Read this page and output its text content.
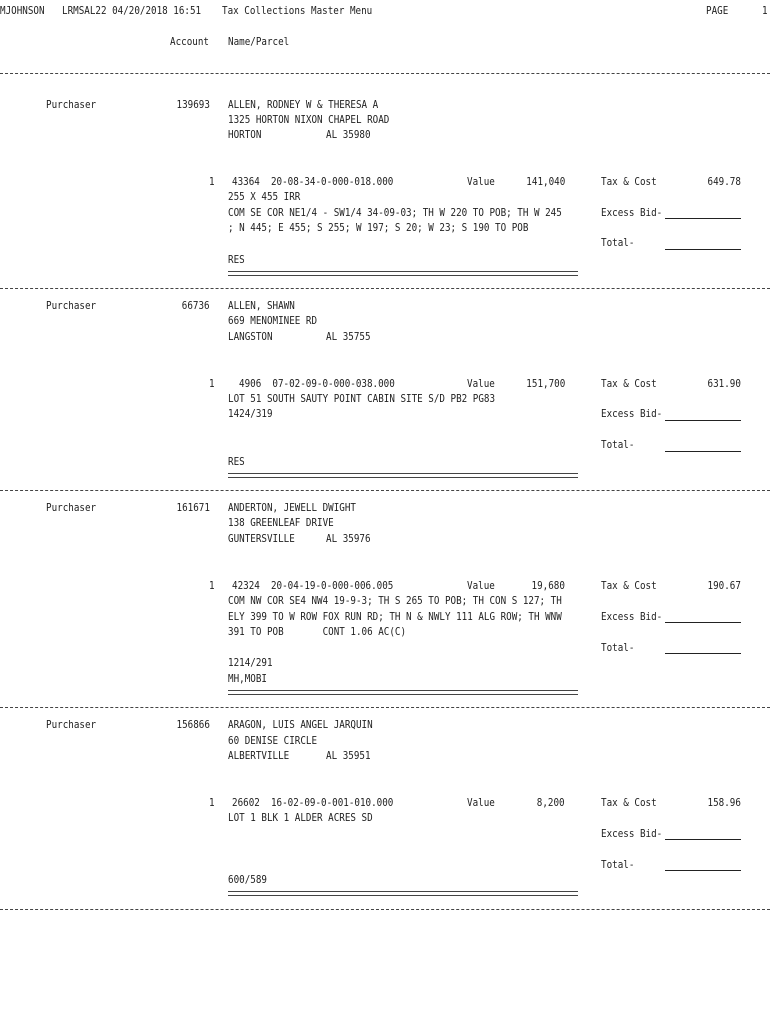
MJOHNSON LRMSAL22 04/20/2018 16:51 Tax Collections Master Menu	PAGE	1
Account Name/Parcel
Purchaser	139693 ALLEN, RODNEY W & THERESA A
1325 HORTON NIXON CHAPEL ROAD
HORTON	AL 35980
1 43364  20-08-34-0-000-018.000	Value	141,040	Tax & Cost	649.78
255 X 455 IRR
COM SE COR NE1/4 - SW1/4 34-09-03; TH W 220 TO POB; TH W 245
; N 445; E 455; S 255; W 197; S 20; W 23; S 190 TO POB
Excess Bid-
Total-
RES
Purchaser	66736 ALLEN, SHAWN
669 MENOMINEE RD
LANGSTON	AL 35755
1 4906  07-02-09-0-000-038.000	Value	151,700	Tax & Cost	631.90
LOT 51 SOUTH SAUTY POINT CABIN SITE S/D PB2 PG83
1424/319	Excess Bid-
Total-
RES
Purchaser	161671 ANDERTON, JEWELL DWIGHT
138 GREENLEAF DRIVE
GUNTERSVILLE	AL 35976
1 42324  20-04-19-0-000-006.005	Value	19,680	Tax & Cost	190.67
COM NW COR SE4 NW4 19-9-3; TH S 265 TO POB; TH CON S 127; TH
ELY 399 TO W ROW FOX RUN RD; TH N & NWLY 111 ALG ROW; TH WNW
391 TO POB       CONT 1.06 AC(C)
Excess Bid-
Total-
1214/291
MH,MOBI
Purchaser	156866 ARAGON, LUIS ANGEL JARQUIN
60 DENISE CIRCLE
ALBERTVILLE	AL 35951
1 26602  16-02-09-0-001-010.000	Value	8,200	Tax & Cost	158.96
LOT 1 BLK 1 ALDER ACRES SD
Excess Bid-
Total-
600/589
